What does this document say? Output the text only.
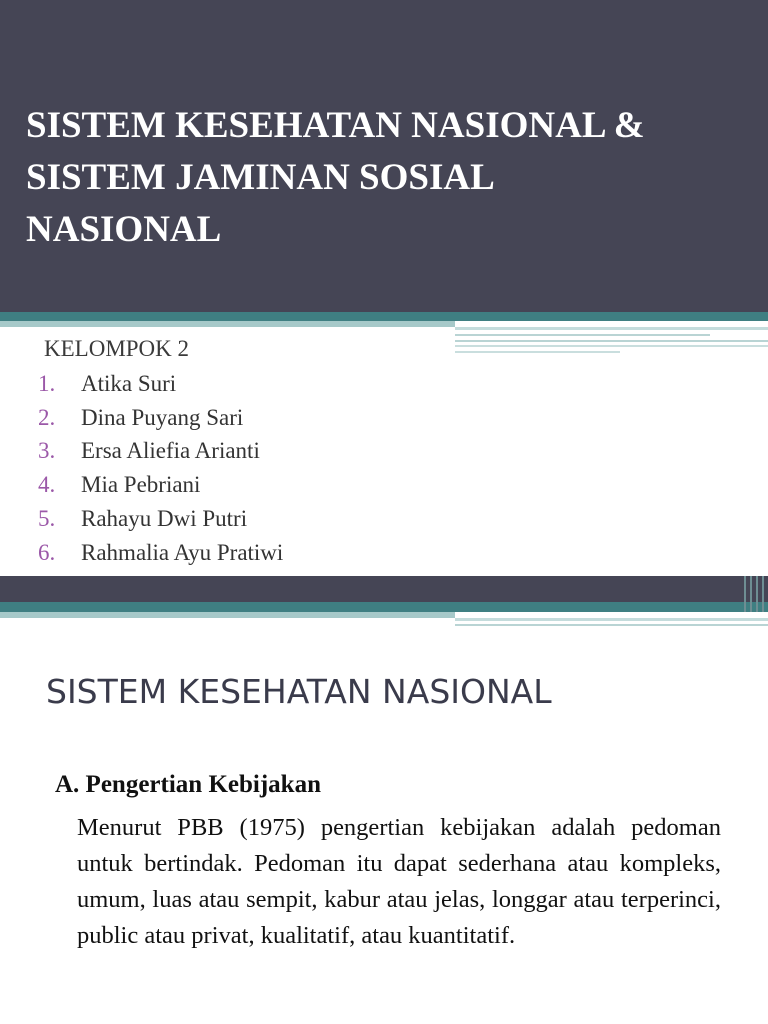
SISTEM KESEHATAN NASIONAL &
SISTEM JAMINAN SOSIAL
NASIONAL
KELOMPOK 2
1.	Atika Suri
2.	Dina Puyang Sari
3.	Ersa Aliefia Arianti
4.	Mia Pebriani
5.	Rahayu Dwi Putri
6.	Rahmalia Ayu Pratiwi
SISTEM KESEHATAN NASIONAL
A. Pengertian Kebijakan

Menurut PBB (1975) pengertian kebijakan adalah pedoman untuk bertindak. Pedoman itu dapat sederhana atau kompleks, umum, luas atau sempit, kabur atau jelas, longgar atau terperinci, public atau privat, kualitatif, atau kuantitatif.
